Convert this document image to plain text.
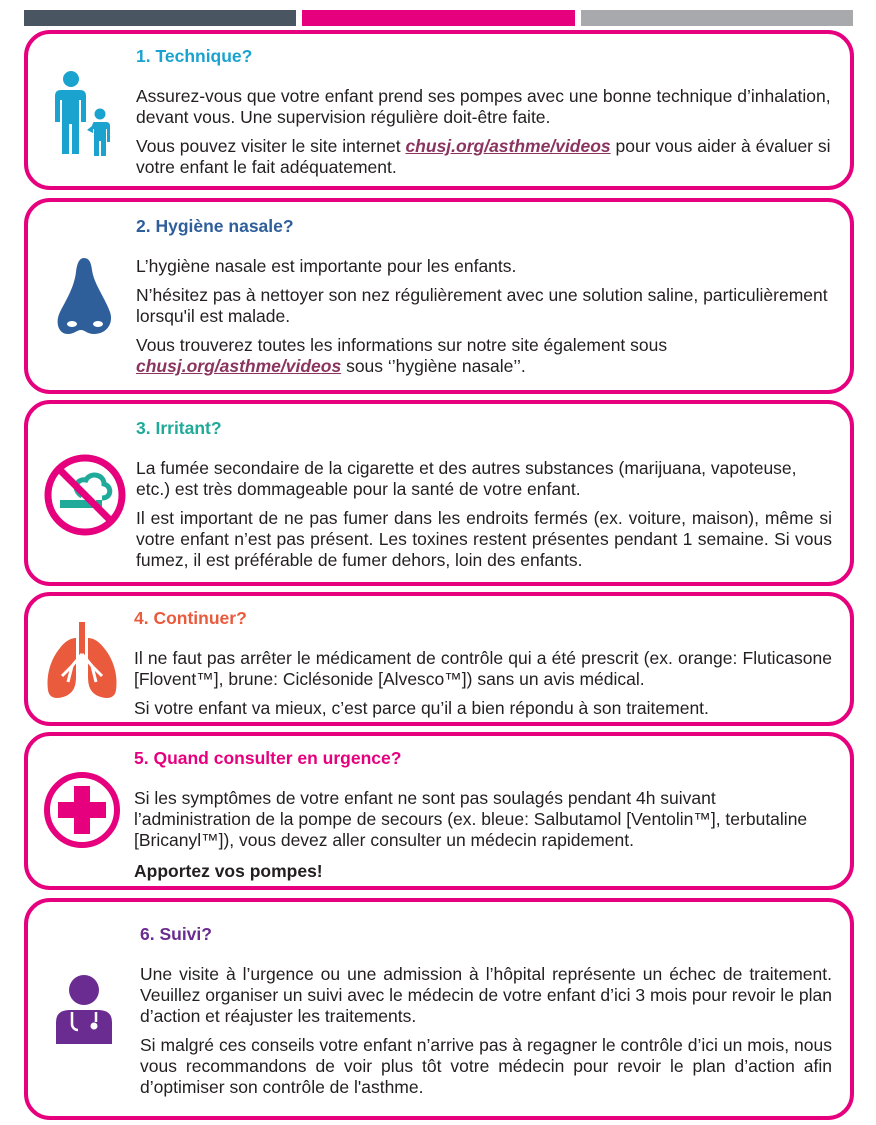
1. Technique?
Assurez-vous que votre enfant prend ses pompes avec une bonne technique d’inhalation, devant vous. Une supervision régulière doit-être faite.
Vous pouvez visiter le site internet chusj.org/asthme/videos pour vous aider à évaluer si votre enfant le fait adéquatement.
2. Hygiène nasale?
L’hygiène nasale est importante pour les enfants.
N’hésitez pas à nettoyer son nez régulièrement avec une solution saline, particulièrement lorsqu'il est malade.
Vous trouverez toutes les informations sur notre site également sous chusj.org/asthme/videos sous ‘’hygiène nasale’’.
3. Irritant?
La fumée secondaire de la cigarette et des autres substances (marijuana, vapoteuse, etc.) est très dommageable pour la santé de votre enfant.
Il est important de ne pas fumer dans les endroits fermés (ex. voiture, maison), même si votre enfant n’est pas présent. Les toxines restent présentes pendant 1 semaine. Si vous fumez, il est préférable de fumer dehors, loin des enfants.
4. Continuer?
Il ne faut pas arrêter le médicament de contrôle qui a été prescrit (ex. orange: Fluticasone [Flovent™], brune: Ciclésonide [Alvesco™]) sans un avis médical.
Si votre enfant va mieux, c’est parce qu’il a bien répondu à son traitement.
5. Quand consulter en urgence?
Si les symptômes de votre enfant ne sont pas soulagés pendant 4h suivant l’administration de la pompe de secours (ex. bleue: Salbutamol [Ventolin™], terbutaline [Bricanyl™]), vous devez aller consulter un médecin rapidement.
Apportez vos pompes!
6. Suivi?
Une visite à l’urgence ou une admission à l’hôpital représente un échec de traitement. Veuillez organiser un suivi avec le médecin de votre enfant d’ici 3 mois pour revoir le plan d’action et réajuster les traitements.
Si malgré ces conseils votre enfant n’arrive pas à regagner le contrôle d’ici un mois, nous vous recommandons de voir plus tôt votre médecin pour revoir le plan d’action afin d’optimiser son contrôle de l'asthme.
